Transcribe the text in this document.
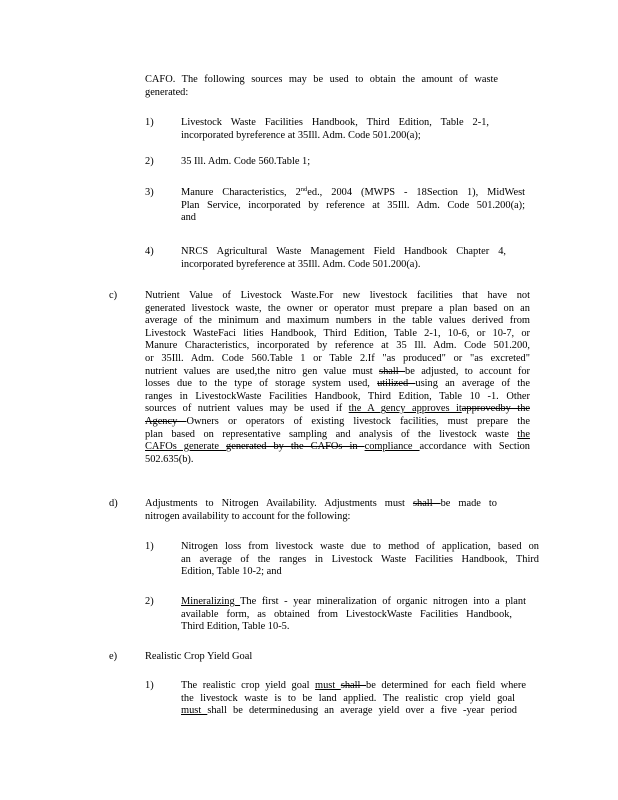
CAFO. The following sources may be used to obtain the amount of waste
generated:
1)	Livestock Waste Facilities Handbook, Third Edition, Table 2-1,
incorporated byreference at 35Ill. Adm. Code 501.200(a);
2)	35 Ill. Adm. Code 560.Table 1;
3)	Manure Characteristics, 2nded., 2004 (MWPS - 18Section 1), MidWest
Plan Service, incorporated by reference at 35Ill. Adm. Code 501.200(a);
and
4)	NRCS Agricultural Waste Management Field Handbook Chapter 4,
incorporated byreference at 35Ill. Adm. Code 501.200(a).
c)	Nutrient Value of Livestock Waste.For new livestock facilities that have not
generated livestock waste, the owner or operator must prepare a plan based on an
average of the minimum and maximum numbers in the table values derived from
Livestock WasteFaci lities Handbook, Third Edition, Table 2-1, 10-6, or 10-7, or
Manure Characteristics, incorporated by reference at 35 Ill. Adm. Code 501.200,
or 35Ill. Adm. Code 560.Table 1 or Table 2.If "as produced" or "as excreted"
nutrient values are used,the nitro gen value must shall be adjusted, to account for
losses due to the type of storage system used, utilized using an average of the
ranges in LivestockWaste Facilities Handbook, Third Edition, Table 10 -1. Other
sources of nutrient values may be used if the A gency approves itapprovedby the
Agency Owners or operators of existing livestock facilities, must prepare the
plan based on representative sampling and analysis of the livestock waste the
CAFOs generate generated by the CAFOs in compliance accordance with Section
502.635(b).
d)	Adjustments to Nitrogen Availability. Adjustments must shall be made to
nitrogen availability to account for the following:
1)	Nitrogen loss from livestock waste due to method of application, based on
an average of the ranges in Livestock Waste Facilities Handbook, Third
Edition, Table 10-2; and
2)	Mineralizing The first - year mineralization of organic nitrogen into a plant
available form, as obtained from LivestockWaste Facilities Handbook,
Third Edition, Table 10-5.
e)	Realistic Crop Yield Goal
1)	The realistic crop yield goal must shall be determined for each field where
the livestock waste is to be land applied. The realistic crop yield goal
must shall be determinedusing an average yield over a five -year period
